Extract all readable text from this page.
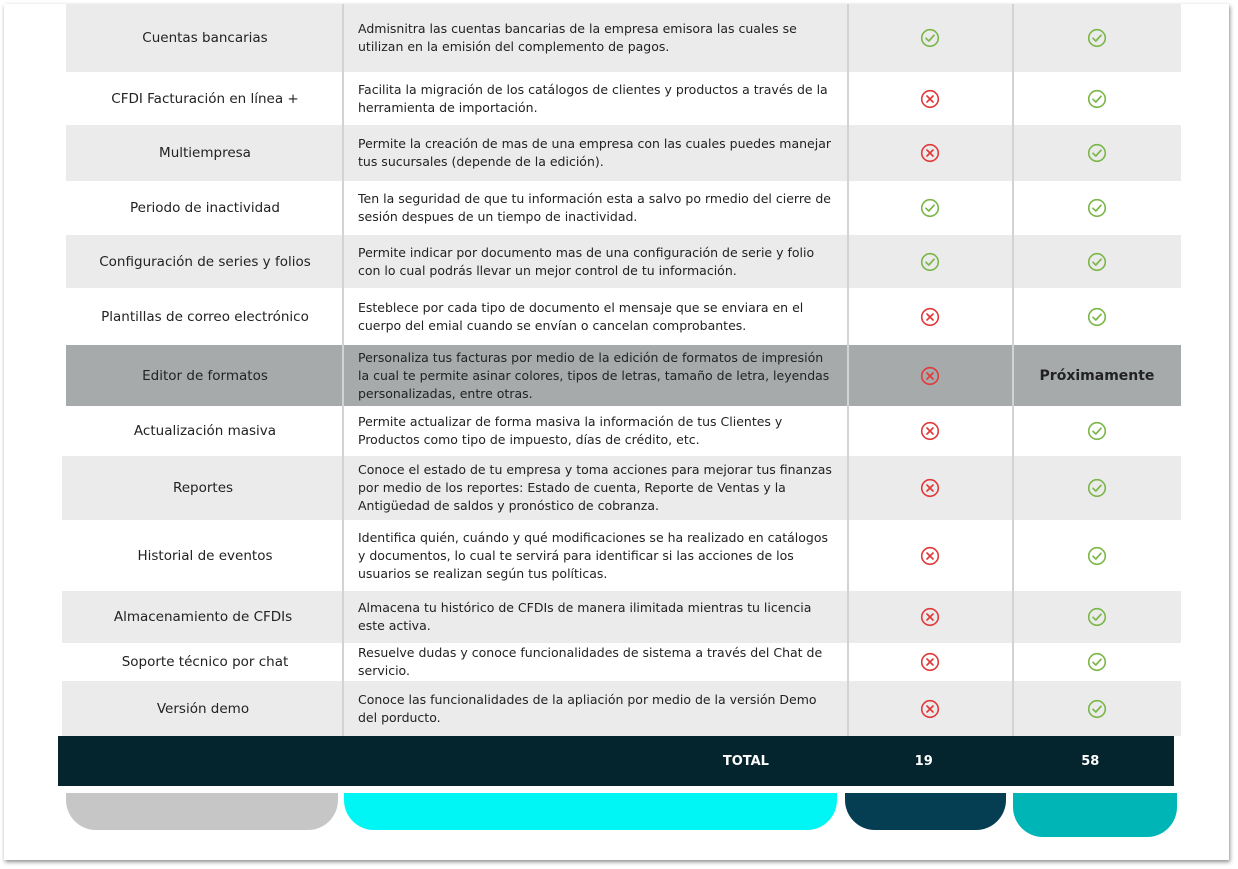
Cuentas bancarias
Admisnitra las cuentas bancarias de la empresa emisora las cuales se utilizan en la emisión del complemento de pagos.
CFDI Facturación en línea +
Facilita la migración de los catálogos de clientes y productos a través de la herramienta de importación.
Multiempresa
Permite la creación de mas de una empresa con las cuales puedes manejar tus sucursales (depende de la edición).
Periodo de inactividad
Ten la seguridad de que tu información esta a salvo po rmedio del cierre de sesión despues de un tiempo de inactividad.
Configuración de series y folios
Permite indicar por documento mas de una configuración de serie y folio con lo cual podrás llevar un mejor control de tu información.
Plantillas de correo electrónico
Esteblece por cada tipo de documento el mensaje que se enviara en el cuerpo del emial cuando se envían o cancelan comprobantes.
Editor de formatos
Personaliza tus facturas por medio de la edición de formatos de impresión la cual te permite asinar colores, tipos de letras, tamaño de letra, leyendas personalizadas, entre otras.
Próximamente
Actualización masiva
Permite actualizar de forma masiva la información de tus Clientes y Productos como tipo de impuesto, días de crédito, etc.
Reportes
Conoce el estado de tu empresa y toma acciones para mejorar tus finanzas por medio de los reportes: Estado de cuenta, Reporte de Ventas y la Antigüedad de saldos y pronóstico de cobranza.
Historial de eventos
Identifica quién, cuándo y qué modificaciones se ha realizado en catálogos y documentos, lo cual te servirá para identificar si las acciones de los usuarios se realizan según tus políticas.
Almacenamiento de CFDIs
Almacena tu histórico de CFDIs de manera ilimitada mientras tu licencia este activa.
Soporte técnico por chat
Resuelve dudas y conoce funcionalidades de sistema a través del Chat de servicio.
Versión demo
Conoce las funcionalidades de la apliación por medio de la versión Demo del porducto.
TOTAL	19	58
